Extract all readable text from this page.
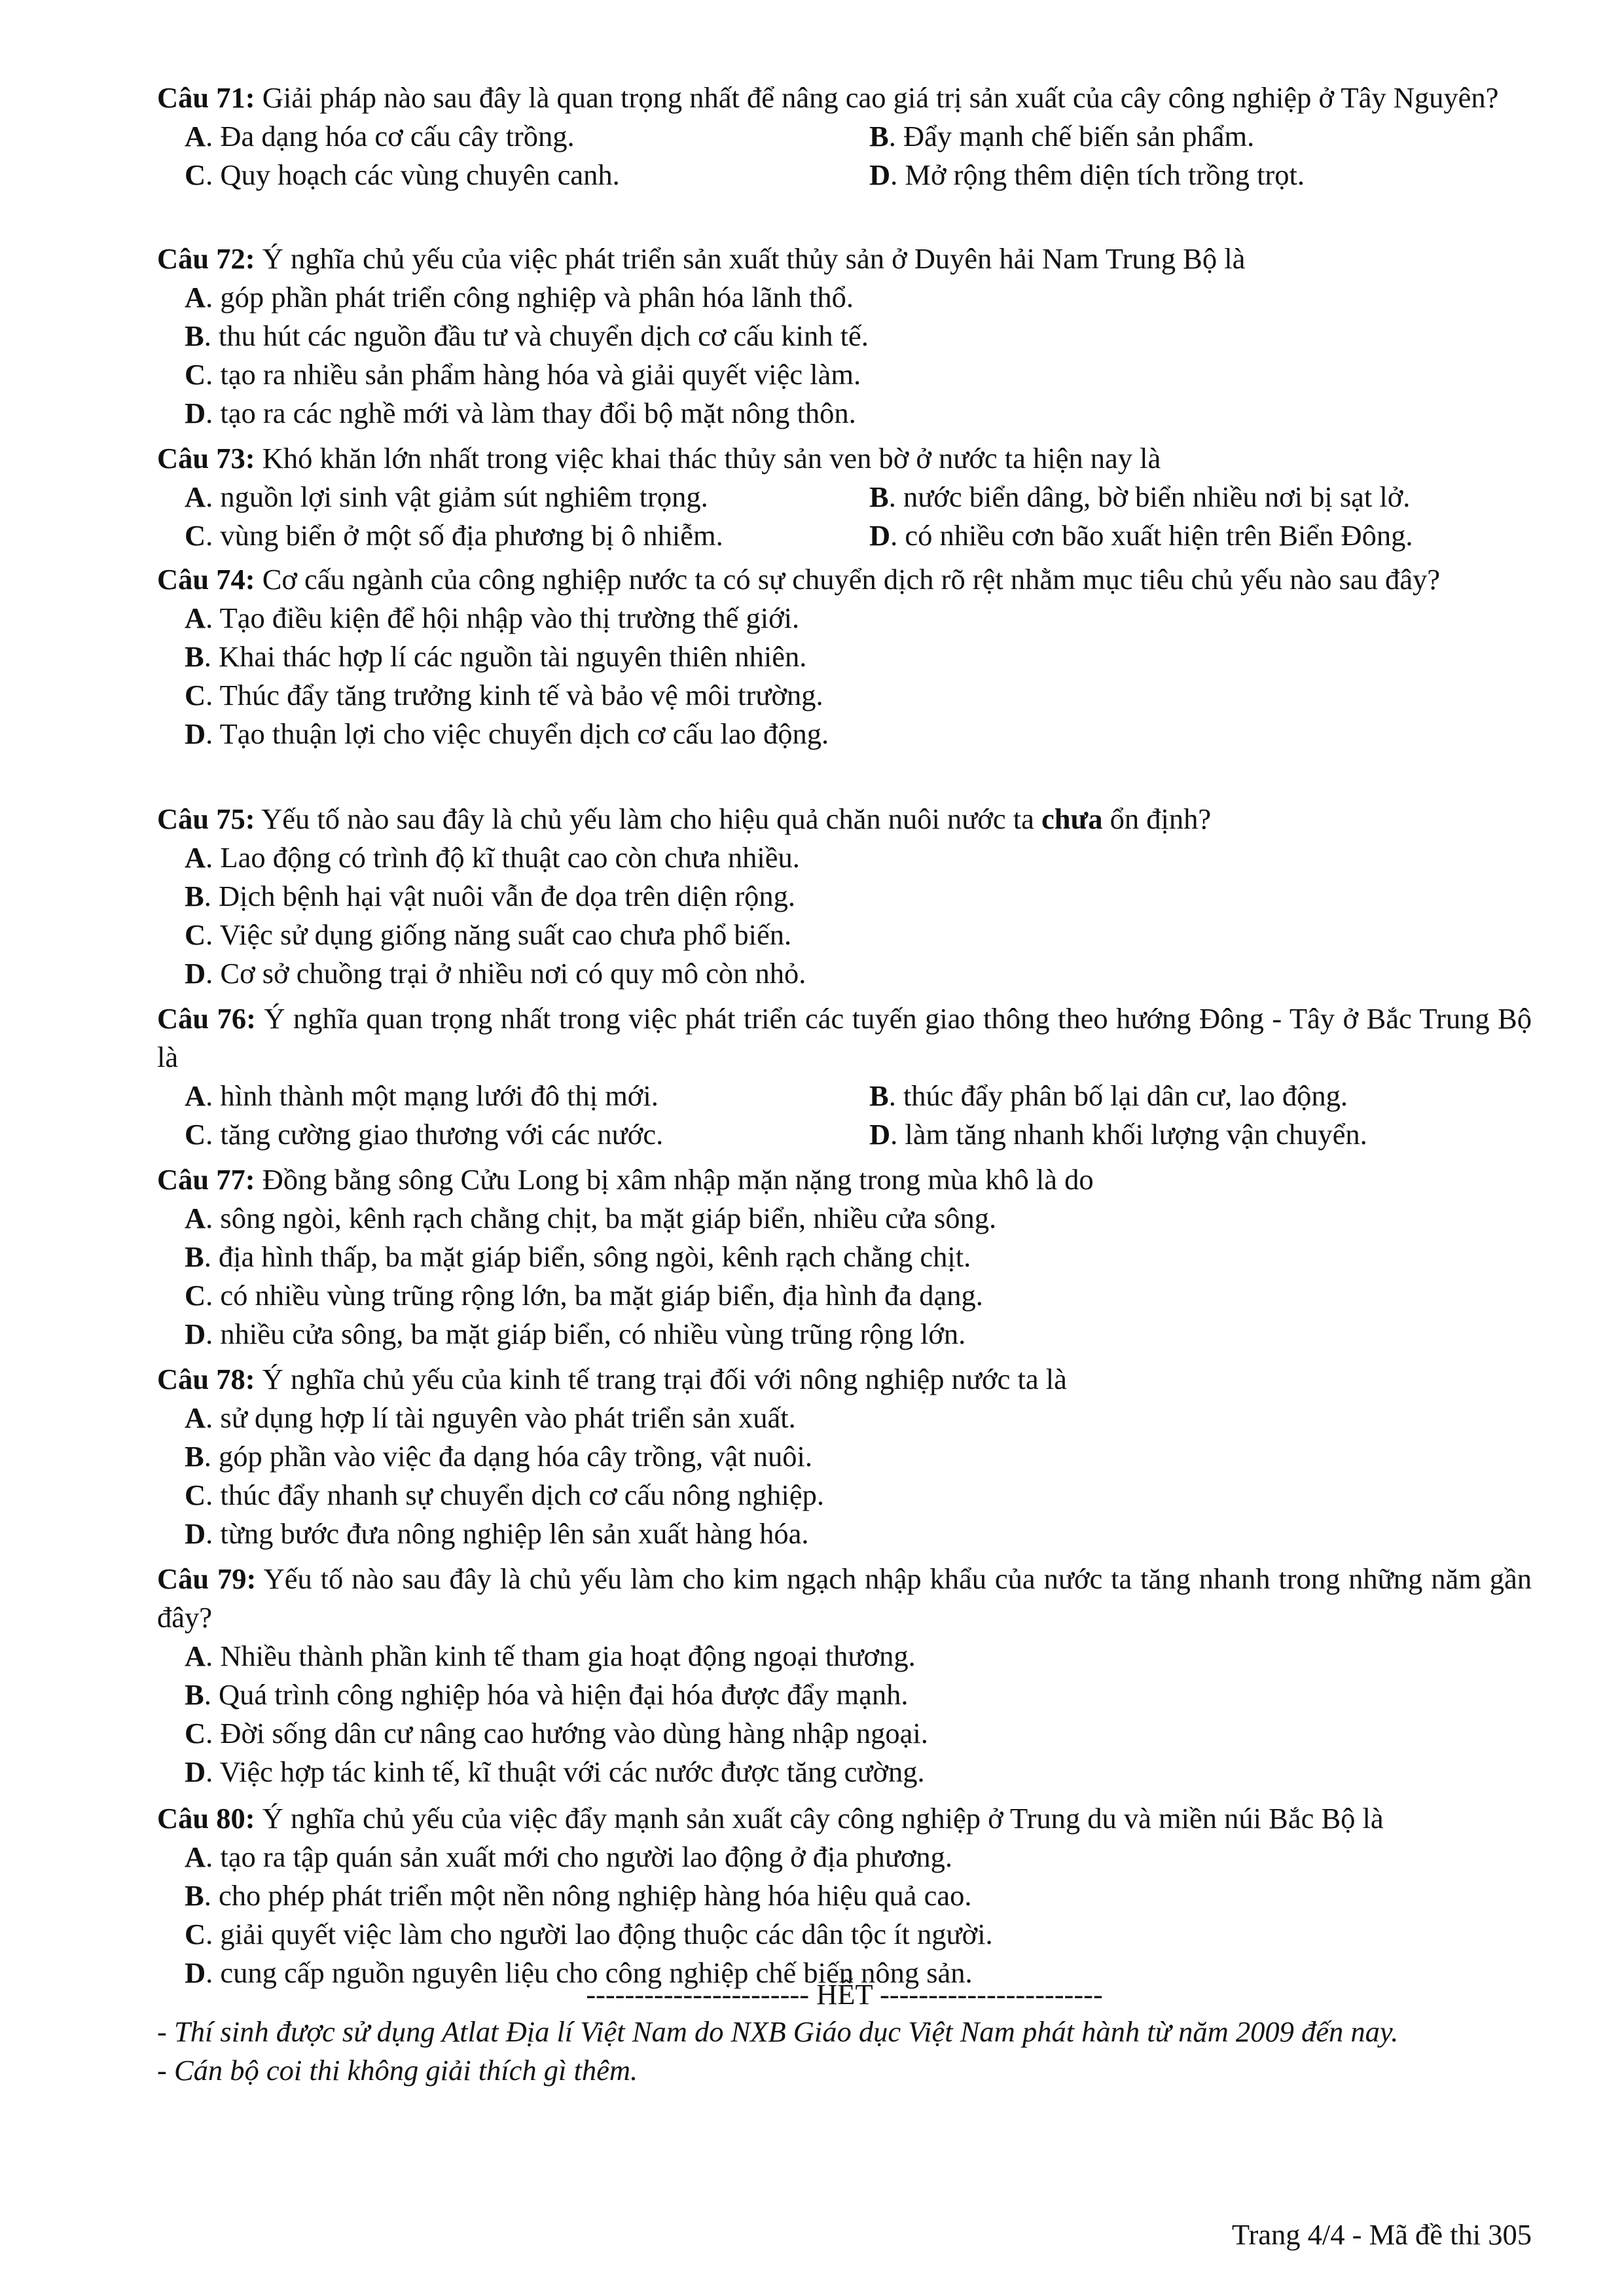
Câu 71: Giải pháp nào sau đây là quan trọng nhất để nâng cao giá trị sản xuất của cây công nghiệp ở Tây Nguyên?
A. Đa dạng hóa cơ cấu cây trồng.	B. Đẩy mạnh chế biến sản phẩm.
C. Quy hoạch các vùng chuyên canh.	D. Mở rộng thêm diện tích trồng trọt.
Câu 72: Ý nghĩa chủ yếu của việc phát triển sản xuất thủy sản ở Duyên hải Nam Trung Bộ là
A. góp phần phát triển công nghiệp và phân hóa lãnh thổ.
B. thu hút các nguồn đầu tư và chuyển dịch cơ cấu kinh tế.
C. tạo ra nhiều sản phẩm hàng hóa và giải quyết việc làm.
D. tạo ra các nghề mới và làm thay đổi bộ mặt nông thôn.
Câu 73: Khó khăn lớn nhất trong việc khai thác thủy sản ven bờ ở nước ta hiện nay là
A. nguồn lợi sinh vật giảm sút nghiêm trọng.	B. nước biển dâng, bờ biển nhiều nơi bị sạt lở.
C. vùng biển ở một số địa phương bị ô nhiễm.	D. có nhiều cơn bão xuất hiện trên Biển Đông.
Câu 74: Cơ cấu ngành của công nghiệp nước ta có sự chuyển dịch rõ rệt nhằm mục tiêu chủ yếu nào sau đây?
A. Tạo điều kiện để hội nhập vào thị trường thế giới.
B. Khai thác hợp lí các nguồn tài nguyên thiên nhiên.
C. Thúc đẩy tăng trưởng kinh tế và bảo vệ môi trường.
D. Tạo thuận lợi cho việc chuyển dịch cơ cấu lao động.
Câu 75: Yếu tố nào sau đây là chủ yếu làm cho hiệu quả chăn nuôi nước ta chưa ổn định?
A. Lao động có trình độ kĩ thuật cao còn chưa nhiều.
B. Dịch bệnh hại vật nuôi vẫn đe dọa trên diện rộng.
C. Việc sử dụng giống năng suất cao chưa phổ biến.
D. Cơ sở chuồng trại ở nhiều nơi có quy mô còn nhỏ.
Câu 76: Ý nghĩa quan trọng nhất trong việc phát triển các tuyến giao thông theo hướng Đông - Tây ở Bắc Trung Bộ là
A. hình thành một mạng lưới đô thị mới.	B. thúc đẩy phân bố lại dân cư, lao động.
C. tăng cường giao thương với các nước.	D. làm tăng nhanh khối lượng vận chuyển.
Câu 77: Đồng bằng sông Cửu Long bị xâm nhập mặn nặng trong mùa khô là do
A. sông ngòi, kênh rạch chằng chịt, ba mặt giáp biển, nhiều cửa sông.
B. địa hình thấp, ba mặt giáp biển, sông ngòi, kênh rạch chằng chịt.
C. có nhiều vùng trũng rộng lớn, ba mặt giáp biển, địa hình đa dạng.
D. nhiều cửa sông, ba mặt giáp biển, có nhiều vùng trũng rộng lớn.
Câu 78: Ý nghĩa chủ yếu của kinh tế trang trại đối với nông nghiệp nước ta là
A. sử dụng hợp lí tài nguyên vào phát triển sản xuất.
B. góp phần vào việc đa dạng hóa cây trồng, vật nuôi.
C. thúc đẩy nhanh sự chuyển dịch cơ cấu nông nghiệp.
D. từng bước đưa nông nghiệp lên sản xuất hàng hóa.
Câu 79: Yếu tố nào sau đây là chủ yếu làm cho kim ngạch nhập khẩu của nước ta tăng nhanh trong những năm gần đây?
A. Nhiều thành phần kinh tế tham gia hoạt động ngoại thương.
B. Quá trình công nghiệp hóa và hiện đại hóa được đẩy mạnh.
C. Đời sống dân cư nâng cao hướng vào dùng hàng nhập ngoại.
D. Việc hợp tác kinh tế, kĩ thuật với các nước được tăng cường.
Câu 80: Ý nghĩa chủ yếu của việc đẩy mạnh sản xuất cây công nghiệp ở Trung du và miền núi Bắc Bộ là
A. tạo ra tập quán sản xuất mới cho người lao động ở địa phương.
B. cho phép phát triển một nền nông nghiệp hàng hóa hiệu quả cao.
C. giải quyết việc làm cho người lao động thuộc các dân tộc ít người.
D. cung cấp nguồn nguyên liệu cho công nghiệp chế biến nông sản.
----------------------- HẾT -----------------------
- Thí sinh được sử dụng Atlat Địa lí Việt Nam do NXB Giáo dục Việt Nam phát hành từ năm 2009 đến nay.
- Cán bộ coi thi không giải thích gì thêm.
Trang 4/4 - Mã đề thi 305
